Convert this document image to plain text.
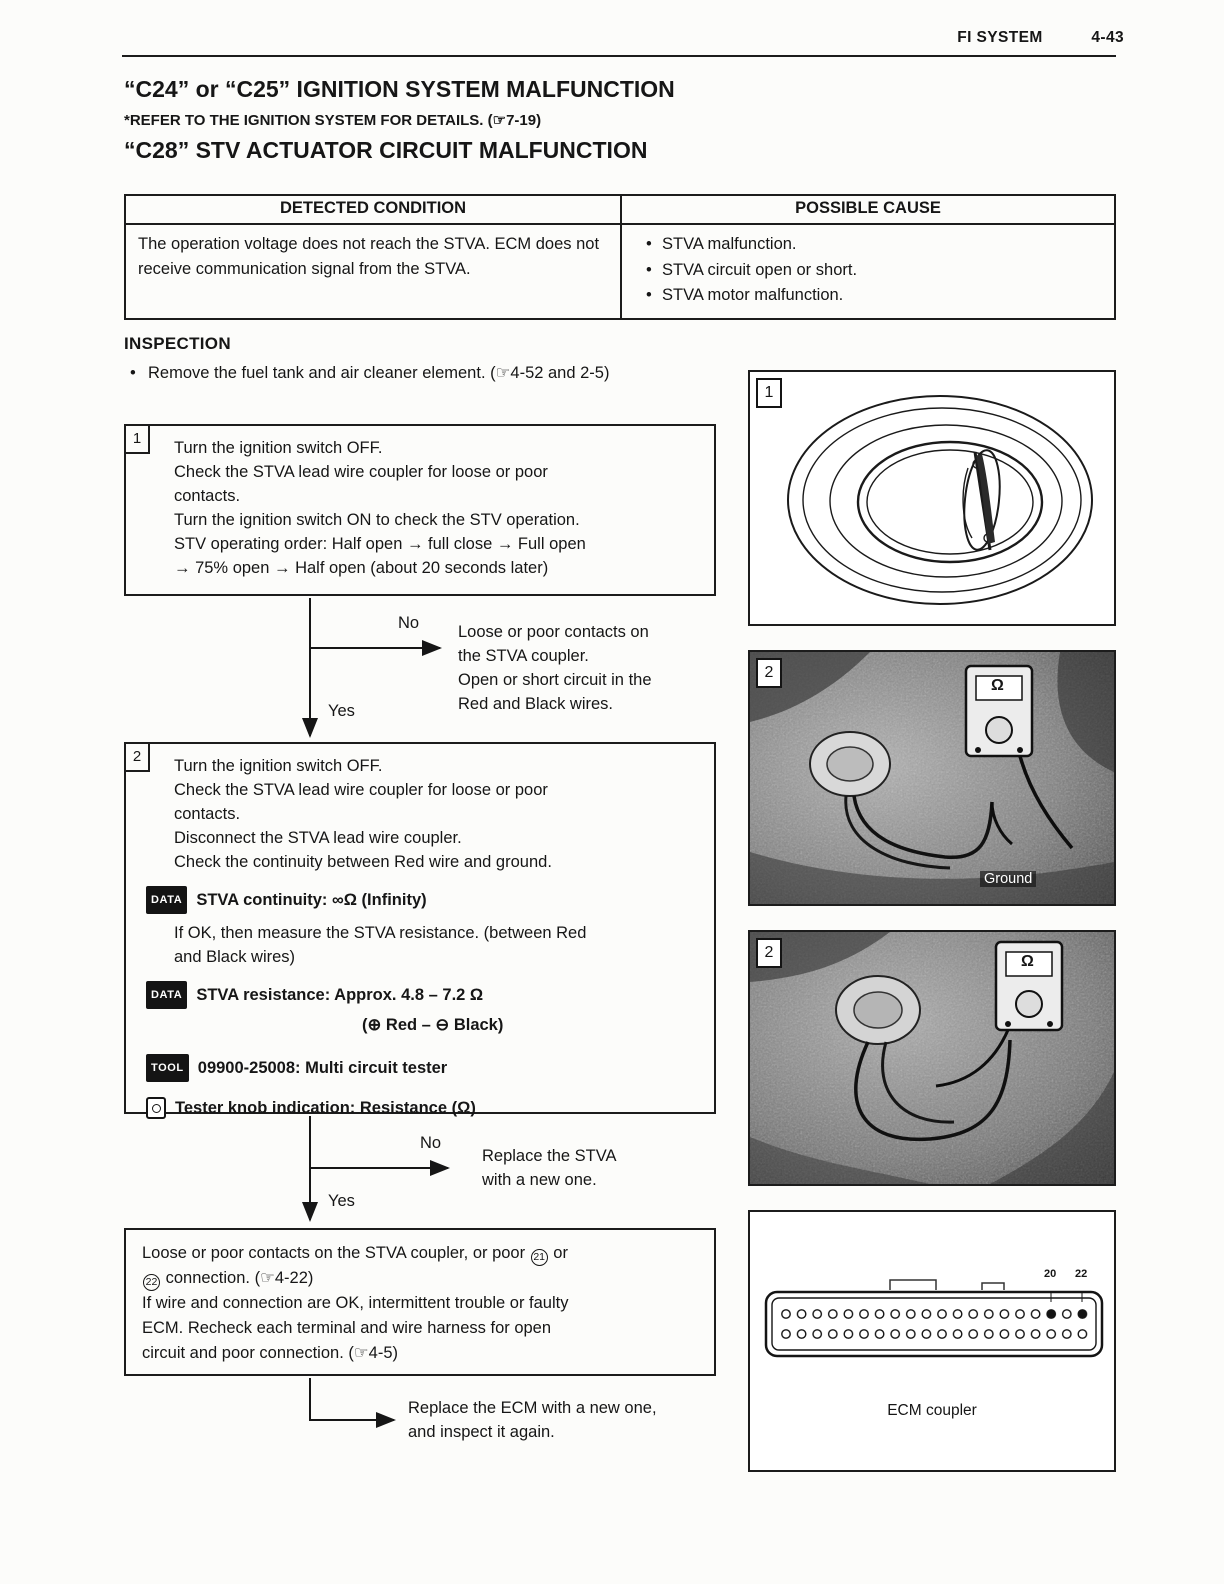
FI SYSTEM	4-43
“C24” or “C25” IGNITION SYSTEM MALFUNCTION
*REFER TO THE IGNITION SYSTEM FOR DETAILS. (☞7-19)
“C28” STV ACTUATOR CIRCUIT MALFUNCTION
DETECTED CONDITION	POSSIBLE CAUSE
The operation voltage does not reach the STVA. ECM does not receive communication signal from the STVA.
• STVA malfunction.
• STVA circuit open or short.
• STVA motor malfunction.
INSPECTION
• Remove the fuel tank and air cleaner element. (☞4-52 and 2-5)
1
Turn the ignition switch OFF.
Check the STVA lead wire coupler for loose or poor
contacts.
Turn the ignition switch ON to check the STV operation.
STV operating order: Half open → full close → Full open
→ 75% open → Half open (about 20 seconds later)
No Loose or poor contacts on
the STVA coupler.
Open or short circuit in the
Red and Black wires.
Yes
2
Turn the ignition switch OFF.
Check the STVA lead wire coupler for loose or poor
contacts.
Disconnect the STVA lead wire coupler.
Check the continuity between Red wire and ground.
DATA STVA continuity: ∞Ω (Infinity)
If OK, then measure the STVA resistance. (between Red
and Black wires)
DATA STVA resistance: Approx. 4.8 – 7.2 Ω
(⊕ Red – ⊖ Black)
TOOL 09900-25008: Multi circuit tester
Tester knob indication: Resistance (Ω)
No
Replace the STVA
with a new one.
Yes
Loose or poor contacts on the STVA coupler, or poor 21 or
22 connection. (☞4-22)
If wire and connection are OK, intermittent trouble or faulty
ECM. Recheck each terminal and wire harness for open
circuit and poor connection. (☞4-5)
Replace the ECM with a new one,
and inspect it again.
1
2
Ω
Ground
2
Ω
20 22
ECM coupler
